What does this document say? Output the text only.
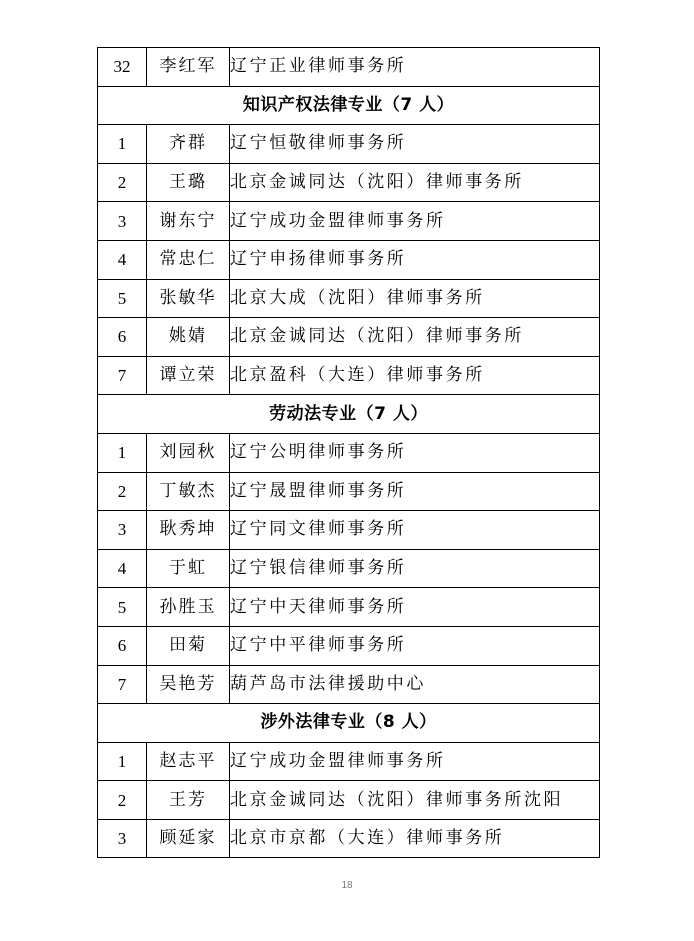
32	李红军	辽宁正业律师事务所
知识产权法律专业（7 人）		
1	齐群	辽宁恒敬律师事务所
2	王璐	北京金诚同达（沈阳）律师事务所
3	谢东宁	辽宁成功金盟律师事务所
4	常忠仁	辽宁申扬律师事务所
5	张敏华	北京大成（沈阳）律师事务所
6	姚婧	北京金诚同达（沈阳）律师事务所
7	谭立荣	北京盈科（大连）律师事务所
劳动法专业（7 人）		
1	刘园秋	辽宁公明律师事务所
2	丁敏杰	辽宁晟盟律师事务所
3	耿秀坤	辽宁同文律师事务所
4	于虹	辽宁银信律师事务所
5	孙胜玉	辽宁中天律师事务所
6	田菊	辽宁中平律师事务所
7	吴艳芳	葫芦岛市法律援助中心
涉外法律专业（8 人）		
1	赵志平	辽宁成功金盟律师事务所
2	王芳	北京金诚同达（沈阳）律师事务所沈阳
3	顾延家	北京市京都（大连）律师事务所
18
